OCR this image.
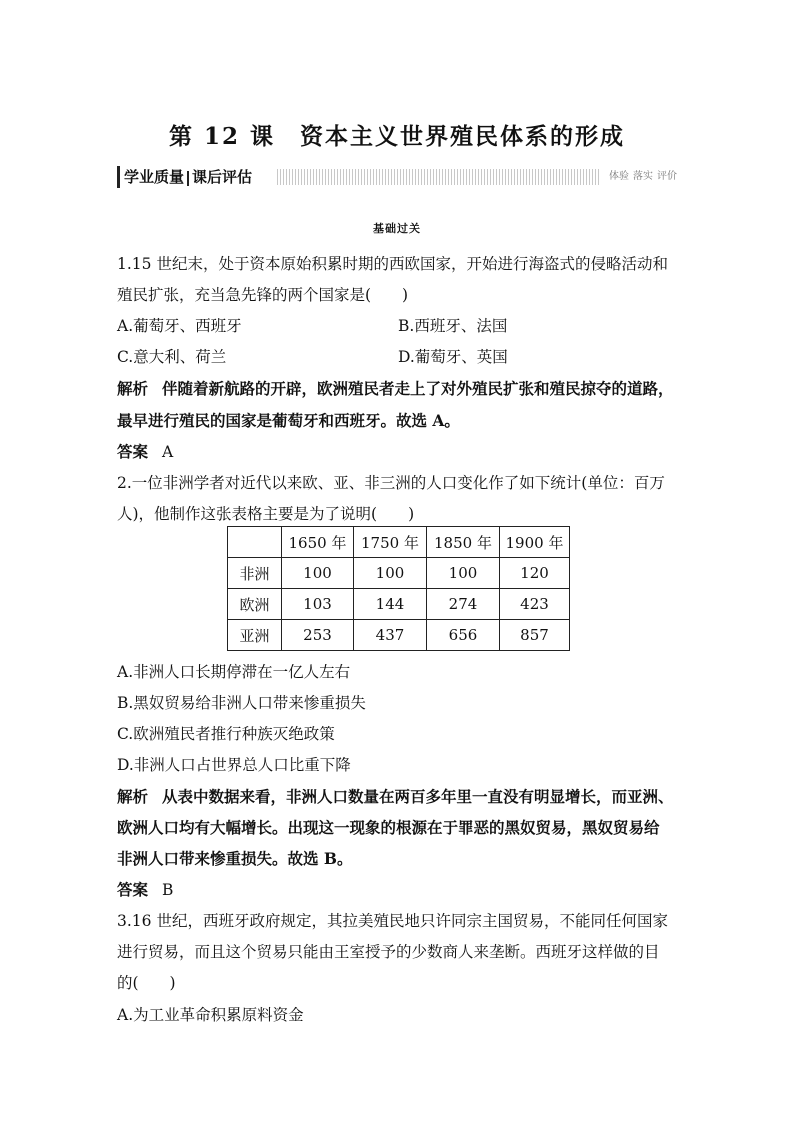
第 12 课　资本主义世界殖民体系的形成
学业质量 课后评估	体验 落实 评价
基础过关
1.15 世纪末，处于资本原始积累时期的西欧国家，开始进行海盗式的侵略活动和
殖民扩张，充当急先锋的两个国家是(　　)
A.葡萄牙、西班牙	B.西班牙、法国
C.意大利、荷兰	D.葡萄牙、英国
解析 伴随着新航路的开辟，欧洲殖民者走上了对外殖民扩张和殖民掠夺的道路，
最早进行殖民的国家是葡萄牙和西班牙。故选 A。
答案 A
2.一位非洲学者对近代以来欧、亚、非三洲的人口变化作了如下统计(单位：百万
人)，他制作这张表格主要是为了说明(　　)
	1650 年	1750 年	1850 年	1900 年
非洲	100	100	100	120
欧洲	103	144	274	423
亚洲	253	437	656	857
A.非洲人口长期停滞在一亿人左右
B.黑奴贸易给非洲人口带来惨重损失
C.欧洲殖民者推行种族灭绝政策
D.非洲人口占世界总人口比重下降
解析 从表中数据来看，非洲人口数量在两百多年里一直没有明显增长，而亚洲、
欧洲人口均有大幅增长。出现这一现象的根源在于罪恶的黑奴贸易，黑奴贸易给
非洲人口带来惨重损失。故选 B。
答案 B
3.16 世纪，西班牙政府规定，其拉美殖民地只许同宗主国贸易，不能同任何国家
进行贸易，而且这个贸易只能由王室授予的少数商人来垄断。西班牙这样做的目
的(　　)
A.为工业革命积累原料资金
